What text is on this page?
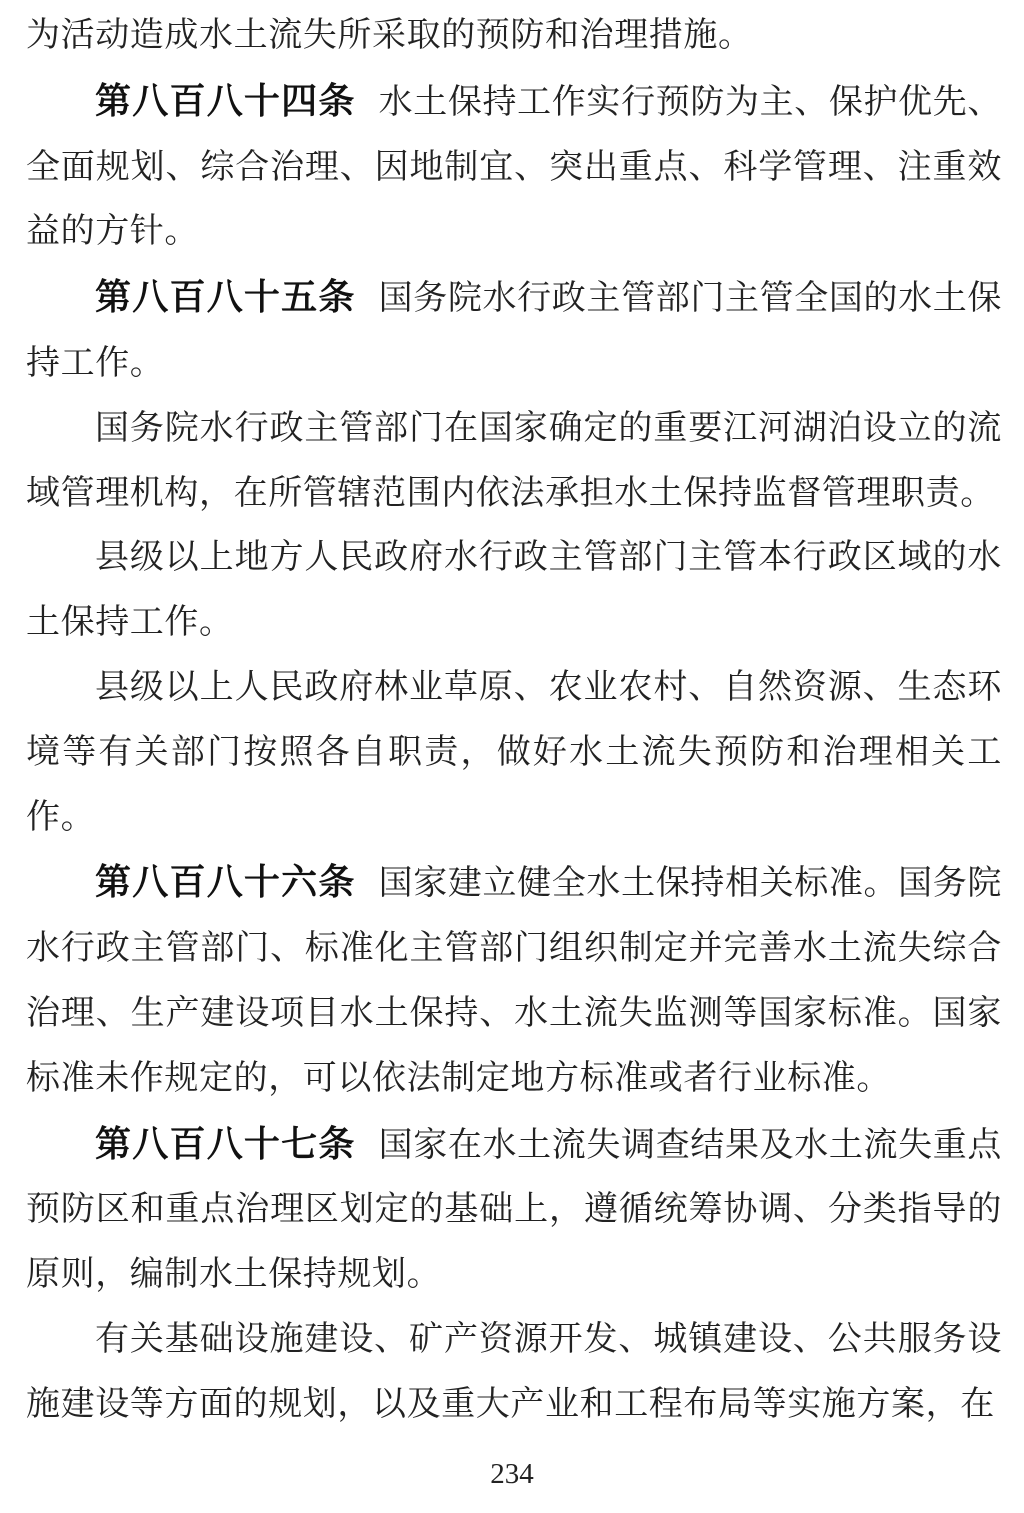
为活动造成水土流失所采取的预防和治理措施。

第八百八十四条 水土保持工作实行预防为主、保护优先、全面规划、综合治理、因地制宜、突出重点、科学管理、注重效益的方针。

第八百八十五条 国务院水行政主管部门主管全国的水土保持工作。

国务院水行政主管部门在国家确定的重要江河湖泊设立的流域管理机构，在所管辖范围内依法承担水土保持监督管理职责。

县级以上地方人民政府水行政主管部门主管本行政区域的水土保持工作。

县级以上人民政府林业草原、农业农村、自然资源、生态环境等有关部门按照各自职责，做好水土流失预防和治理相关工作。

第八百八十六条 国家建立健全水土保持相关标准。国务院水行政主管部门、标准化主管部门组织制定并完善水土流失综合治理、生产建设项目水土保持、水土流失监测等国家标准。国家标准未作规定的，可以依法制定地方标准或者行业标准。

第八百八十七条 国家在水土流失调查结果及水土流失重点预防区和重点治理区划定的基础上，遵循统筹协调、分类指导的原则，编制水土保持规划。

有关基础设施建设、矿产资源开发、城镇建设、公共服务设施建设等方面的规划，以及重大产业和工程布局等实施方案，在

234
